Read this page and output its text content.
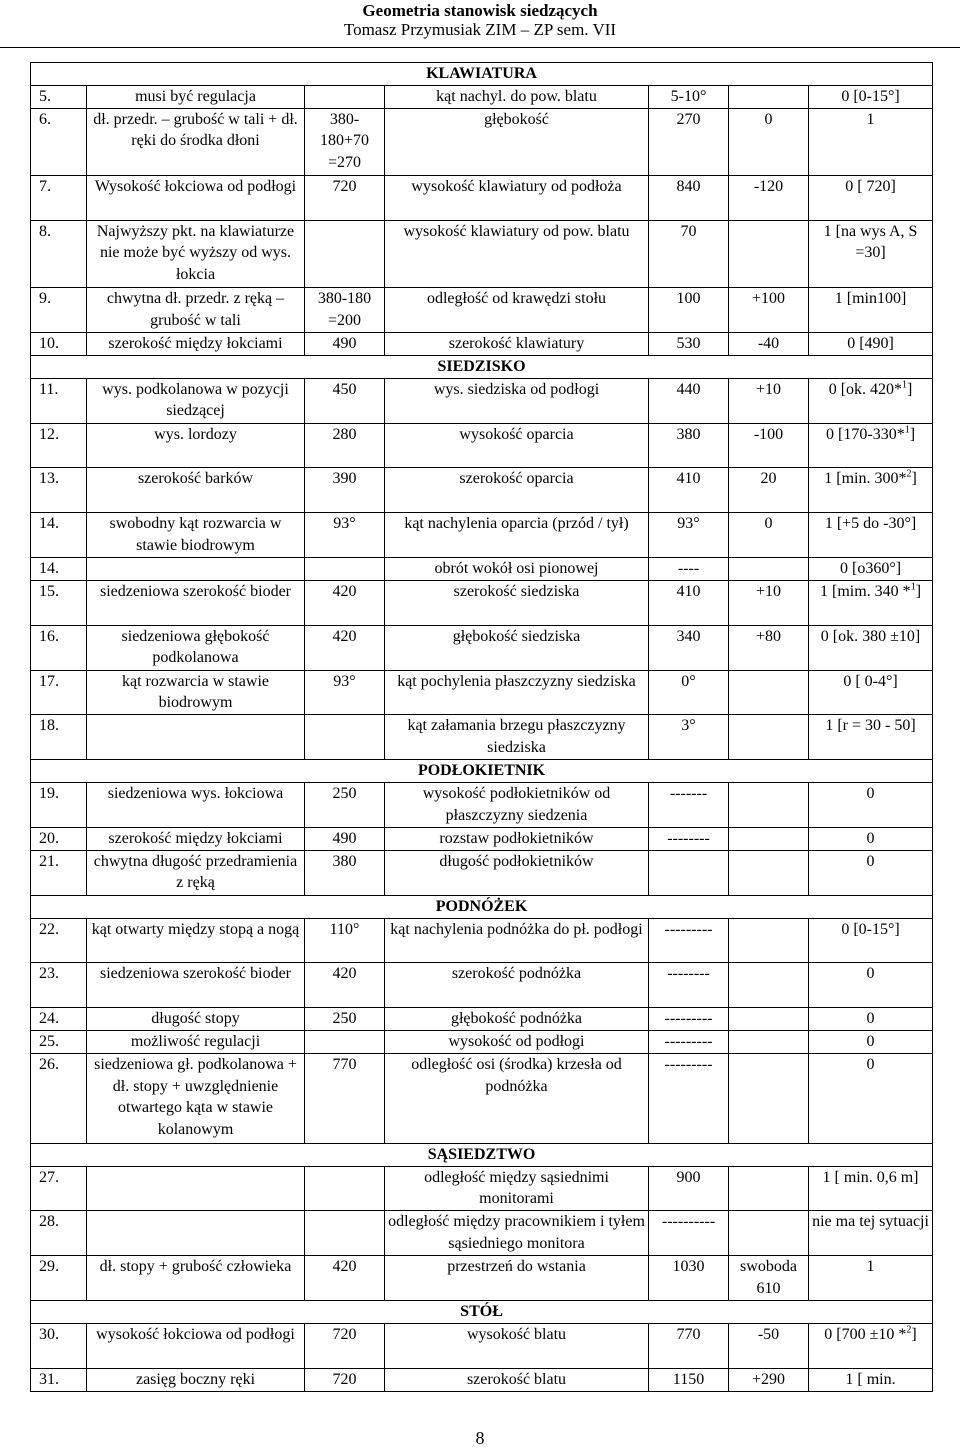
Geometria stanowisk siedzących
Tomasz Przymusiak ZIM – ZP sem. VII
KLAWIATURA						
5.	musi być regulacja		kąt nachyl. do pow. blatu	5-10°		0 [0-15°]
6.	dł. przedr. – grubość w tali + dł. ręki do środka dłoni	380-180+70 =270	głębokość	270	0	1
7.	Wysokość łokciowa od podłogi	720	wysokość klawiatury od podłoża	840	-120	0 [ 720]
8.	Najwyższy pkt. na klawiaturze nie może być wyższy od wys. łokcia		wysokość klawiatury od pow. blatu	70		1 [na wys A, S =30]
9.	chwytna dł. przedr. z ręką – grubość w tali	380-180 =200	odległość od krawędzi stołu	100	+100	1 [min100]
10.	szerokość między łokciami	490	szerokość klawiatury	530	-40	0 [490]
SIEDZISKO						
11.	wys. podkolanowa w pozycji siedzącej	450	wys. siedziska od podłogi	440	+10	0 [ok. 420*$^1$]
12.	wys. lordozy	280	wysokość oparcia	380	-100	0 [170-330*$^1$]
13.	szerokość barków	390	szerokość oparcia	410	20	1 [min. 300*$^2$]
14.	swobodny kąt rozwarcia w stawie biodrowym	93°	kąt nachylenia oparcia (przód / tył)	93°	0	1 [+5 do -30°]
14.			obrót wokół osi pionowej	----		0 [o360°]
15.	siedzeniowa szerokość bioder	420	szerokość siedziska	410	+10	1 [mim. 340 *$^1$]
16.	siedzeniowa głębokość podkolanowa	420	głębokość siedziska	340	+80	0 [ok. 380 ±10]
17.	kąt rozwarcia w stawie biodrowym	93°	kąt pochylenia płaszczyzny siedziska	0°		0 [ 0-4°]
18.			kąt załamania brzegu płaszczyzny siedziska	3°		1 [r = 30 - 50]
PODŁOKIETNIK						
19.	siedzeniowa wys. łokciowa	250	wysokość podłokietników od płaszczyzny siedzenia	-------		0
20.	szerokość między łokciami	490	rozstaw podłokietników	--------		0
21.	chwytna długość przedramienia z ręką	380	długość podłokietników			0
PODNÓŻEK						
22.	kąt otwarty między stopą a nogą	110°	kąt nachylenia podnóżka do pł. podłogi	---------		0 [0-15°]
23.	siedzeniowa szerokość bioder	420	szerokość podnóżka	--------		0
24.	długość stopy	250	głębokość podnóżka	---------		0
25.	możliwość regulacji		wysokość od podłogi	---------		0
26.	siedzeniowa gł. podkolanowa + dł. stopy + uwzględnienie otwartego kąta w stawie kolanowym	770	odległość osi (środka) krzesła od podnóżka	---------		0
SĄSIEDZTWO						
27.			odległość między sąsiednimi monitorami	900		1 [ min. 0,6 m]
28.			odległość między pracownikiem i tyłem sąsiedniego monitora	----------		nie ma tej sytuacji
29.	dł. stopy + grubość człowieka	420	przestrzeń do wstania	1030	swoboda 610	1
STÓŁ						
30.	wysokość łokciowa od podłogi	720	wysokość blatu	770	-50	0 [700 ±10 *$^2$]
31.	zasięg boczny ręki	720	szerokość blatu	1150	+290	1 [ min.
8
